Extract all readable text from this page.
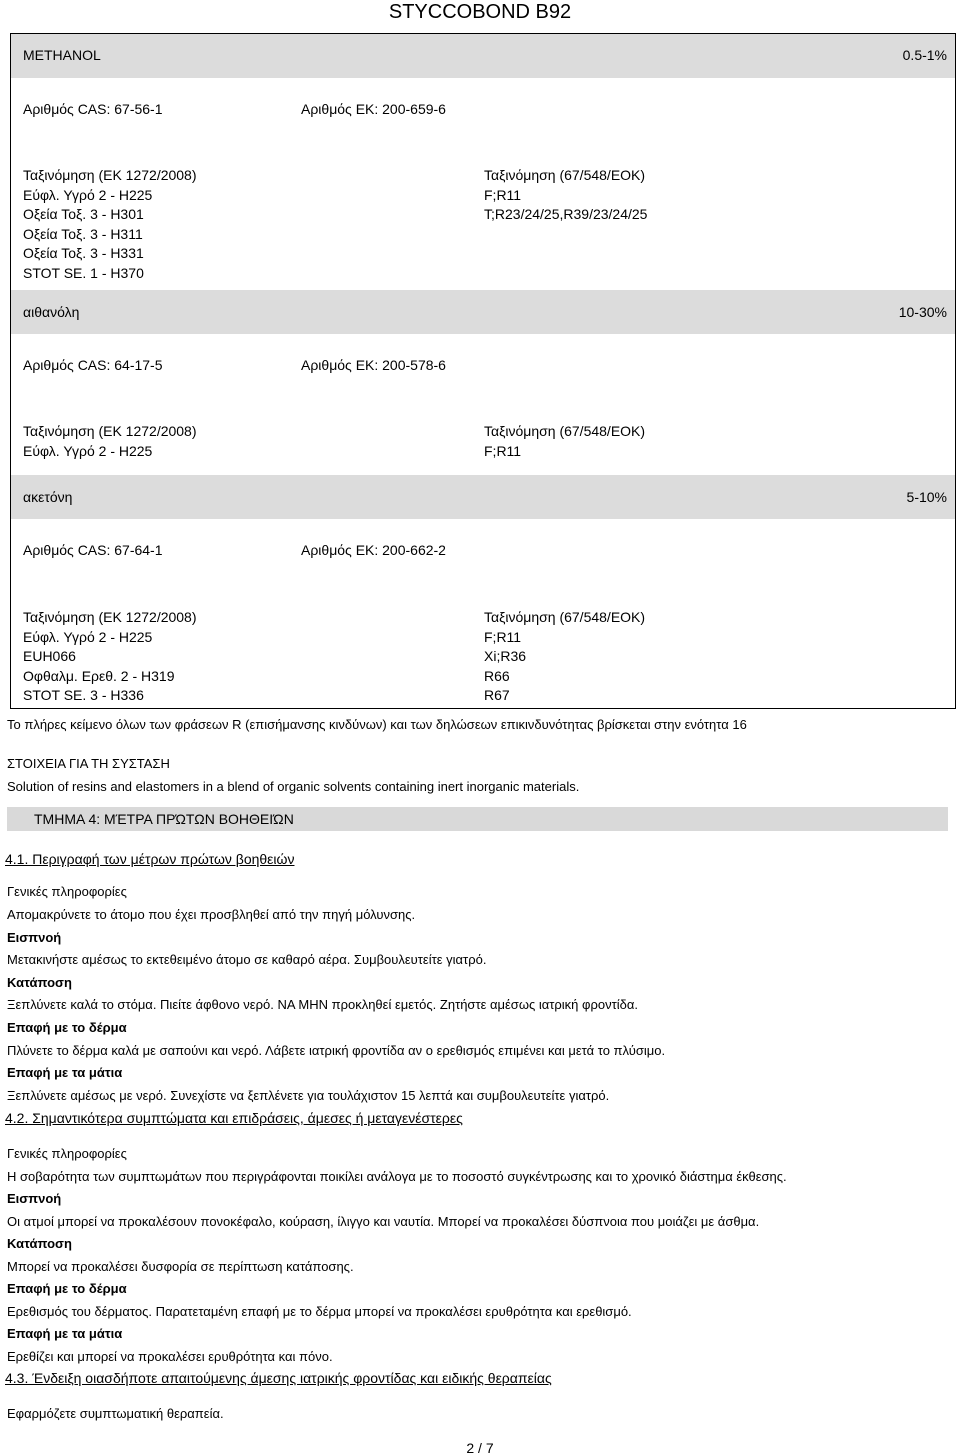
STYCCOBOND B92
METHANOL	0.5-1%
Αριθμός CAS: 67-56-1	Αριθμός ΕΚ: 200-659-6
Ταξινόμηση (ΕΚ 1272/2008)
Εύφλ. Υγρό 2 - H225
Οξεία Τοξ. 3 - H301
Οξεία Τοξ. 3 - H311
Οξεία Τοξ. 3 - H331
STOT SE. 1 - H370
Ταξινόμηση (67/548/ΕΟΚ)
F;R11
T;R23/24/25,R39/23/24/25
αιθανόλη	10-30%
Αριθμός CAS: 64-17-5	Αριθμός ΕΚ: 200-578-6
Ταξινόμηση (ΕΚ 1272/2008)
Εύφλ. Υγρό 2 - H225
Ταξινόμηση (67/548/ΕΟΚ)
F;R11
ακετόνη	5-10%
Αριθμός CAS: 67-64-1	Αριθμός ΕΚ: 200-662-2
Ταξινόμηση (ΕΚ 1272/2008)
Εύφλ. Υγρό 2 - H225
EUH066
Οφθαλμ. Ερεθ. 2 - H319
STOT SE. 3 - H336
Ταξινόμηση (67/548/ΕΟΚ)
F;R11
Xi;R36
R66
R67
Το πλήρες κείμενο όλων των φράσεων R (επισήμανσης κινδύνων) και των δηλώσεων επικινδυνότητας βρίσκεται στην ενότητα 16
ΣΤΟΙΧΕΙΑ ΓΙΑ ΤΗ ΣΥΣΤΑΣΗ
Solution of resins and elastomers in a blend of organic solvents containing inert inorganic materials.
ΤΜΗΜΑ 4: ΜΈΤΡΑ ΠΡΏΤΩΝ ΒΟΗΘΕΙΏΝ
4.1. Περιγραφή των μέτρων πρώτων βοηθειών
Γενικές πληροφορίες
Απομακρύνετε το άτομο που έχει προσβληθεί από την πηγή μόλυνσης.
Εισπνοή
Μετακινήστε αμέσως το εκτεθειμένο άτομο σε καθαρό αέρα. Συμβουλευτείτε γιατρό.
Κατάποση
Ξεπλύνετε καλά το στόμα. Πιείτε άφθονο νερό. ΝΑ ΜΗΝ προκληθεί εμετός. Ζητήστε αμέσως ιατρική φροντίδα.
Επαφή με το δέρμα
Πλύνετε το δέρμα καλά με σαπούνι και νερό. Λάβετε ιατρική φροντίδα αν ο ερεθισμός επιμένει και μετά το πλύσιμο.
Επαφή με τα μάτια
Ξεπλύνετε αμέσως με νερό. Συνεχίστε να ξεπλένετε για τουλάχιστον 15 λεπτά και συμβουλευτείτε γιατρό.
4.2. Σημαντικότερα συμπτώματα και επιδράσεις, άμεσες ή μεταγενέστερες
Γενικές πληροφορίες
Η σοβαρότητα των συμπτωμάτων που περιγράφονται ποικίλει ανάλογα με το ποσοστό συγκέντρωσης και το χρονικό διάστημα έκθεσης.
Εισπνοή
Οι ατμοί μπορεί να προκαλέσουν πονοκέφαλο, κούραση, ίλιγγο και ναυτία. Μπορεί να προκαλέσει δύσπνοια που μοιάζει με άσθμα.
Κατάποση
Μπορεί να προκαλέσει δυσφορία σε περίπτωση κατάποσης.
Επαφή με το δέρμα
Ερεθισμός του δέρματος. Παρατεταμένη επαφή με το δέρμα μπορεί να προκαλέσει ερυθρότητα και ερεθισμό.
Επαφή με τα μάτια
Ερεθίζει και μπορεί να προκαλέσει ερυθρότητα και πόνο.
4.3. Ένδειξη οιασδήποτε απαιτούμενης άμεσης ιατρικής φροντίδας και ειδικής θεραπείας
Εφαρμόζετε συμπτωματική θεραπεία.
2 / 7
